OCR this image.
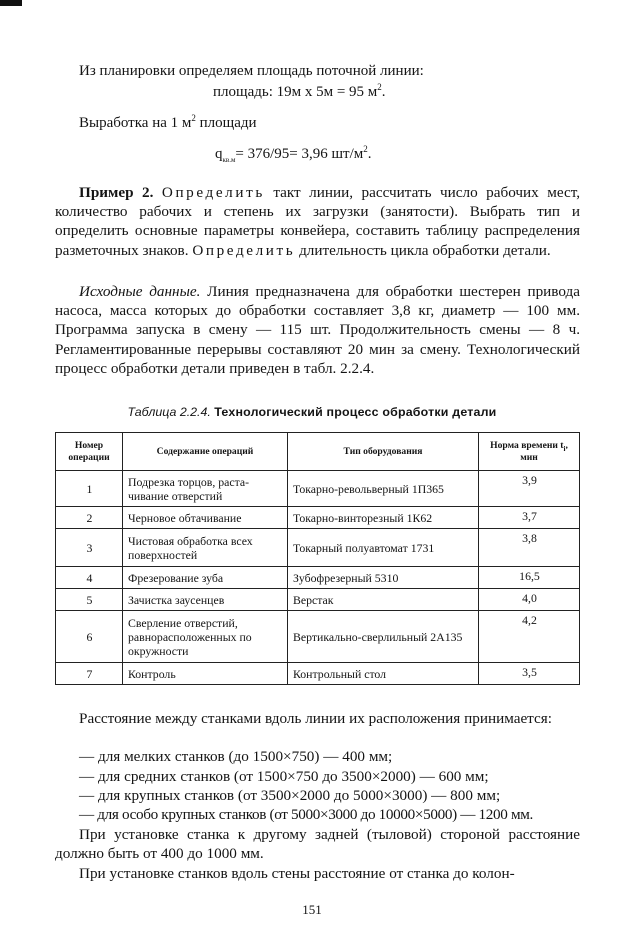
Из планировки определяем площадь поточной линии:

площадь: 19м х 5м = 95 $м^2$.

Выработка на 1 $м^2$ площади

$q_{кв.м}= 376/95= 3,96$ $шт/м^2$.

Пример 2. Определить такт линии, рассчитать число рабочих мест, количество рабочих и степень их загрузки (занятости). Выбрать тип и определить основные параметры конвейера, составить таблицу распределения разметочных знаков. Определить длительность цикла обработки детали.

Исходные данные. Линия предназначена для обработки шестерен привода насоса, масса которых до обработки составляет 3,8 кг, диаметр — 100 мм. Программа запуска в смену — 115 шт. Продолжительность смены — 8 ч. Регламентированные перерывы составляют 20 мин за смену. Технологический процесс обработки детали приведен в табл. 2.2.4.

Таблица 2.2.4. Технологический процесс обработки детали

Номер операции	Содержание операций	Тип оборудования	Норма времени $t_i$, мин
1	Подрезка торцов, раста-чивание отверстий	Токарно-револьверный 1П365	3,9
2	Черновое обтачивание	Токарно-винторезный 1К62	3,7
3	Чистовая обработка всех поверхностей	Токарный полуавтомат 1731	3,8
4	Фрезерование зуба	Зубофрезерный 5310	16,5
5	Зачистка заусенцев	Верстак	4,0
6	Сверление отверстий, равнорасположенных по окружности	Вертикально-сверлильный 2А135	4,2
7	Контроль	Контрольный стол	3,5

Расстояние между станками вдоль линии их расположения принимается:

— для мелких станков (до 1500×750) — 400 мм;

— для средних станков (от 1500×750 до 3500×2000) — 600 мм;

— для крупных станков (от 3500×2000 до 5000×3000) — 800 мм;

— для особо крупных станков (от 5000×3000 до 10000×5000) — 1200 мм.

При установке станка к другому задней (тыловой) стороной расстояние должно быть от 400 до 1000 мм.

При установке станков вдоль стены расстояние от станка до колон-

151
